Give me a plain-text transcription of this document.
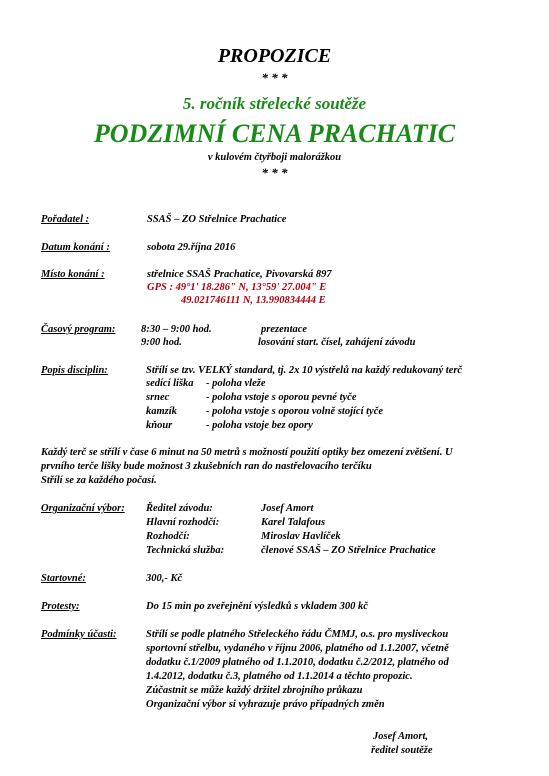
PROPOZICE
* * *
5. ročník střelecké soutěže
PODZIMNÍ CENA PRACHATIC
v kulovém čtyřboji malorážkou
* * *
Pořadatel :	SSAŠ – ZO Střelnice Prachatice
Datum konání :	sobota 29.října 2016
Místo konání :	střelnice SSAŠ Prachatice, Pivovarská 897
GPS : 49°1' 18.286" N, 13°59' 27.004" E
49.021746111 N, 13.990834444 E
Časový program: 8:30 – 9:00 hod.	prezentace
9:00 hod.	losování start. čísel, zahájení závodu
Popis disciplin:	Střílí se tzv. VELKÝ standard, tj. 2x 10 výstřelů na každý redukovaný terč
sedící liška - poloha vleže
srnec	- poloha vstoje s oporou pevné tyče
kamzík	- poloha vstoje s oporou volně stojící tyče
kňour	- poloha vstoje bez opory
Každý terč se střílí v čase 6 minut na 50 metrů s možností použití optiky bez omezení zvětšení. U
prvního terče lišky bude možnost 3 zkušebních ran do nastřelovacího terčíku
Střílí se za každého počasí.
Organizační výbor: Ředitel závodu:	Josef Amort
Hlavní rozhodčí:	Karel Talafous
Rozhodčí:	Miroslav Havlíček
Technická služba:	členové SSAŠ – ZO Střelnice Prachatice
Startovné:	300,- Kč
Protesty:	Do 15 min po zveřejnění výsledků s vkladem 300 kč
Podmínky účasti:	Střílí se podle platného Střeleckého řádu ČMMJ, o.s. pro mysliveckou
sportovní střelbu, vydaného v říjnu 2006, platného od 1.1.2007, včetně
dodatku č.1/2009 platného od 1.1.2010, dodatku č.2/2012, platného od
1.4.2012, dodatku č.3, platného od 1.1.2014 a těchto propozic.
Zúčastnit se může každý držitel zbrojního průkazu
Organizační výbor si vyhrazuje právo případných změn
Josef Amort,
ředitel soutěže
